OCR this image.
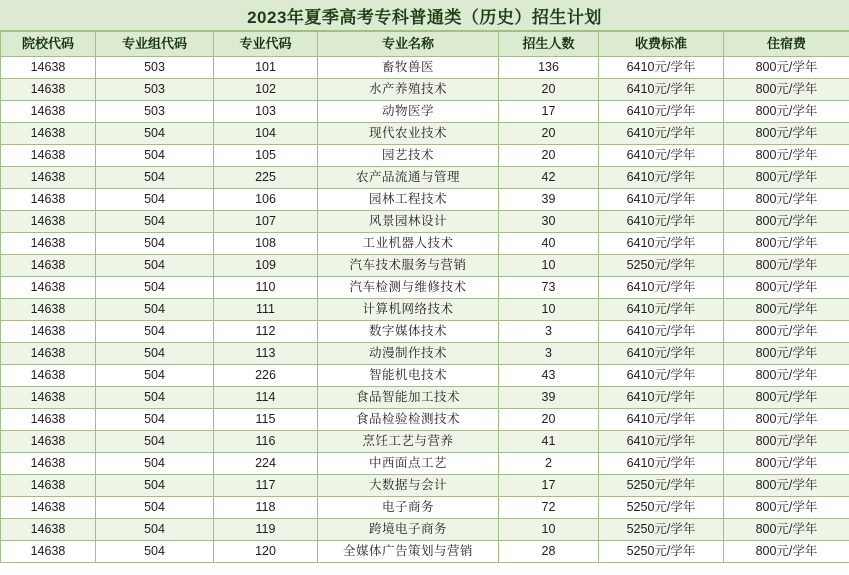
2023年夏季高考专科普通类（历史）招生计划
院校代码	专业组代码	专业代码	专业名称	招生人数	收费标准	住宿费
14638	503	101	畜牧兽医	136	6410元/学年	800元/学年
14638	503	102	水产养殖技术	20	6410元/学年	800元/学年
14638	503	103	动物医学	17	6410元/学年	800元/学年
14638	504	104	现代农业技术	20	6410元/学年	800元/学年
14638	504	105	园艺技术	20	6410元/学年	800元/学年
14638	504	225	农产品流通与管理	42	6410元/学年	800元/学年
14638	504	106	园林工程技术	39	6410元/学年	800元/学年
14638	504	107	风景园林设计	30	6410元/学年	800元/学年
14638	504	108	工业机器人技术	40	6410元/学年	800元/学年
14638	504	109	汽车技术服务与营销	10	5250元/学年	800元/学年
14638	504	110	汽车检测与维修技术	73	6410元/学年	800元/学年
14638	504	111	计算机网络技术	10	6410元/学年	800元/学年
14638	504	112	数字媒体技术	3	6410元/学年	800元/学年
14638	504	113	动漫制作技术	3	6410元/学年	800元/学年
14638	504	226	智能机电技术	43	6410元/学年	800元/学年
14638	504	114	食品智能加工技术	39	6410元/学年	800元/学年
14638	504	115	食品检验检测技术	20	6410元/学年	800元/学年
14638	504	116	烹饪工艺与营养	41	6410元/学年	800元/学年
14638	504	224	中西面点工艺	2	6410元/学年	800元/学年
14638	504	117	大数据与会计	17	5250元/学年	800元/学年
14638	504	118	电子商务	72	5250元/学年	800元/学年
14638	504	119	跨境电子商务	10	5250元/学年	800元/学年
14638	504	120	全媒体广告策划与营销	28	5250元/学年	800元/学年
